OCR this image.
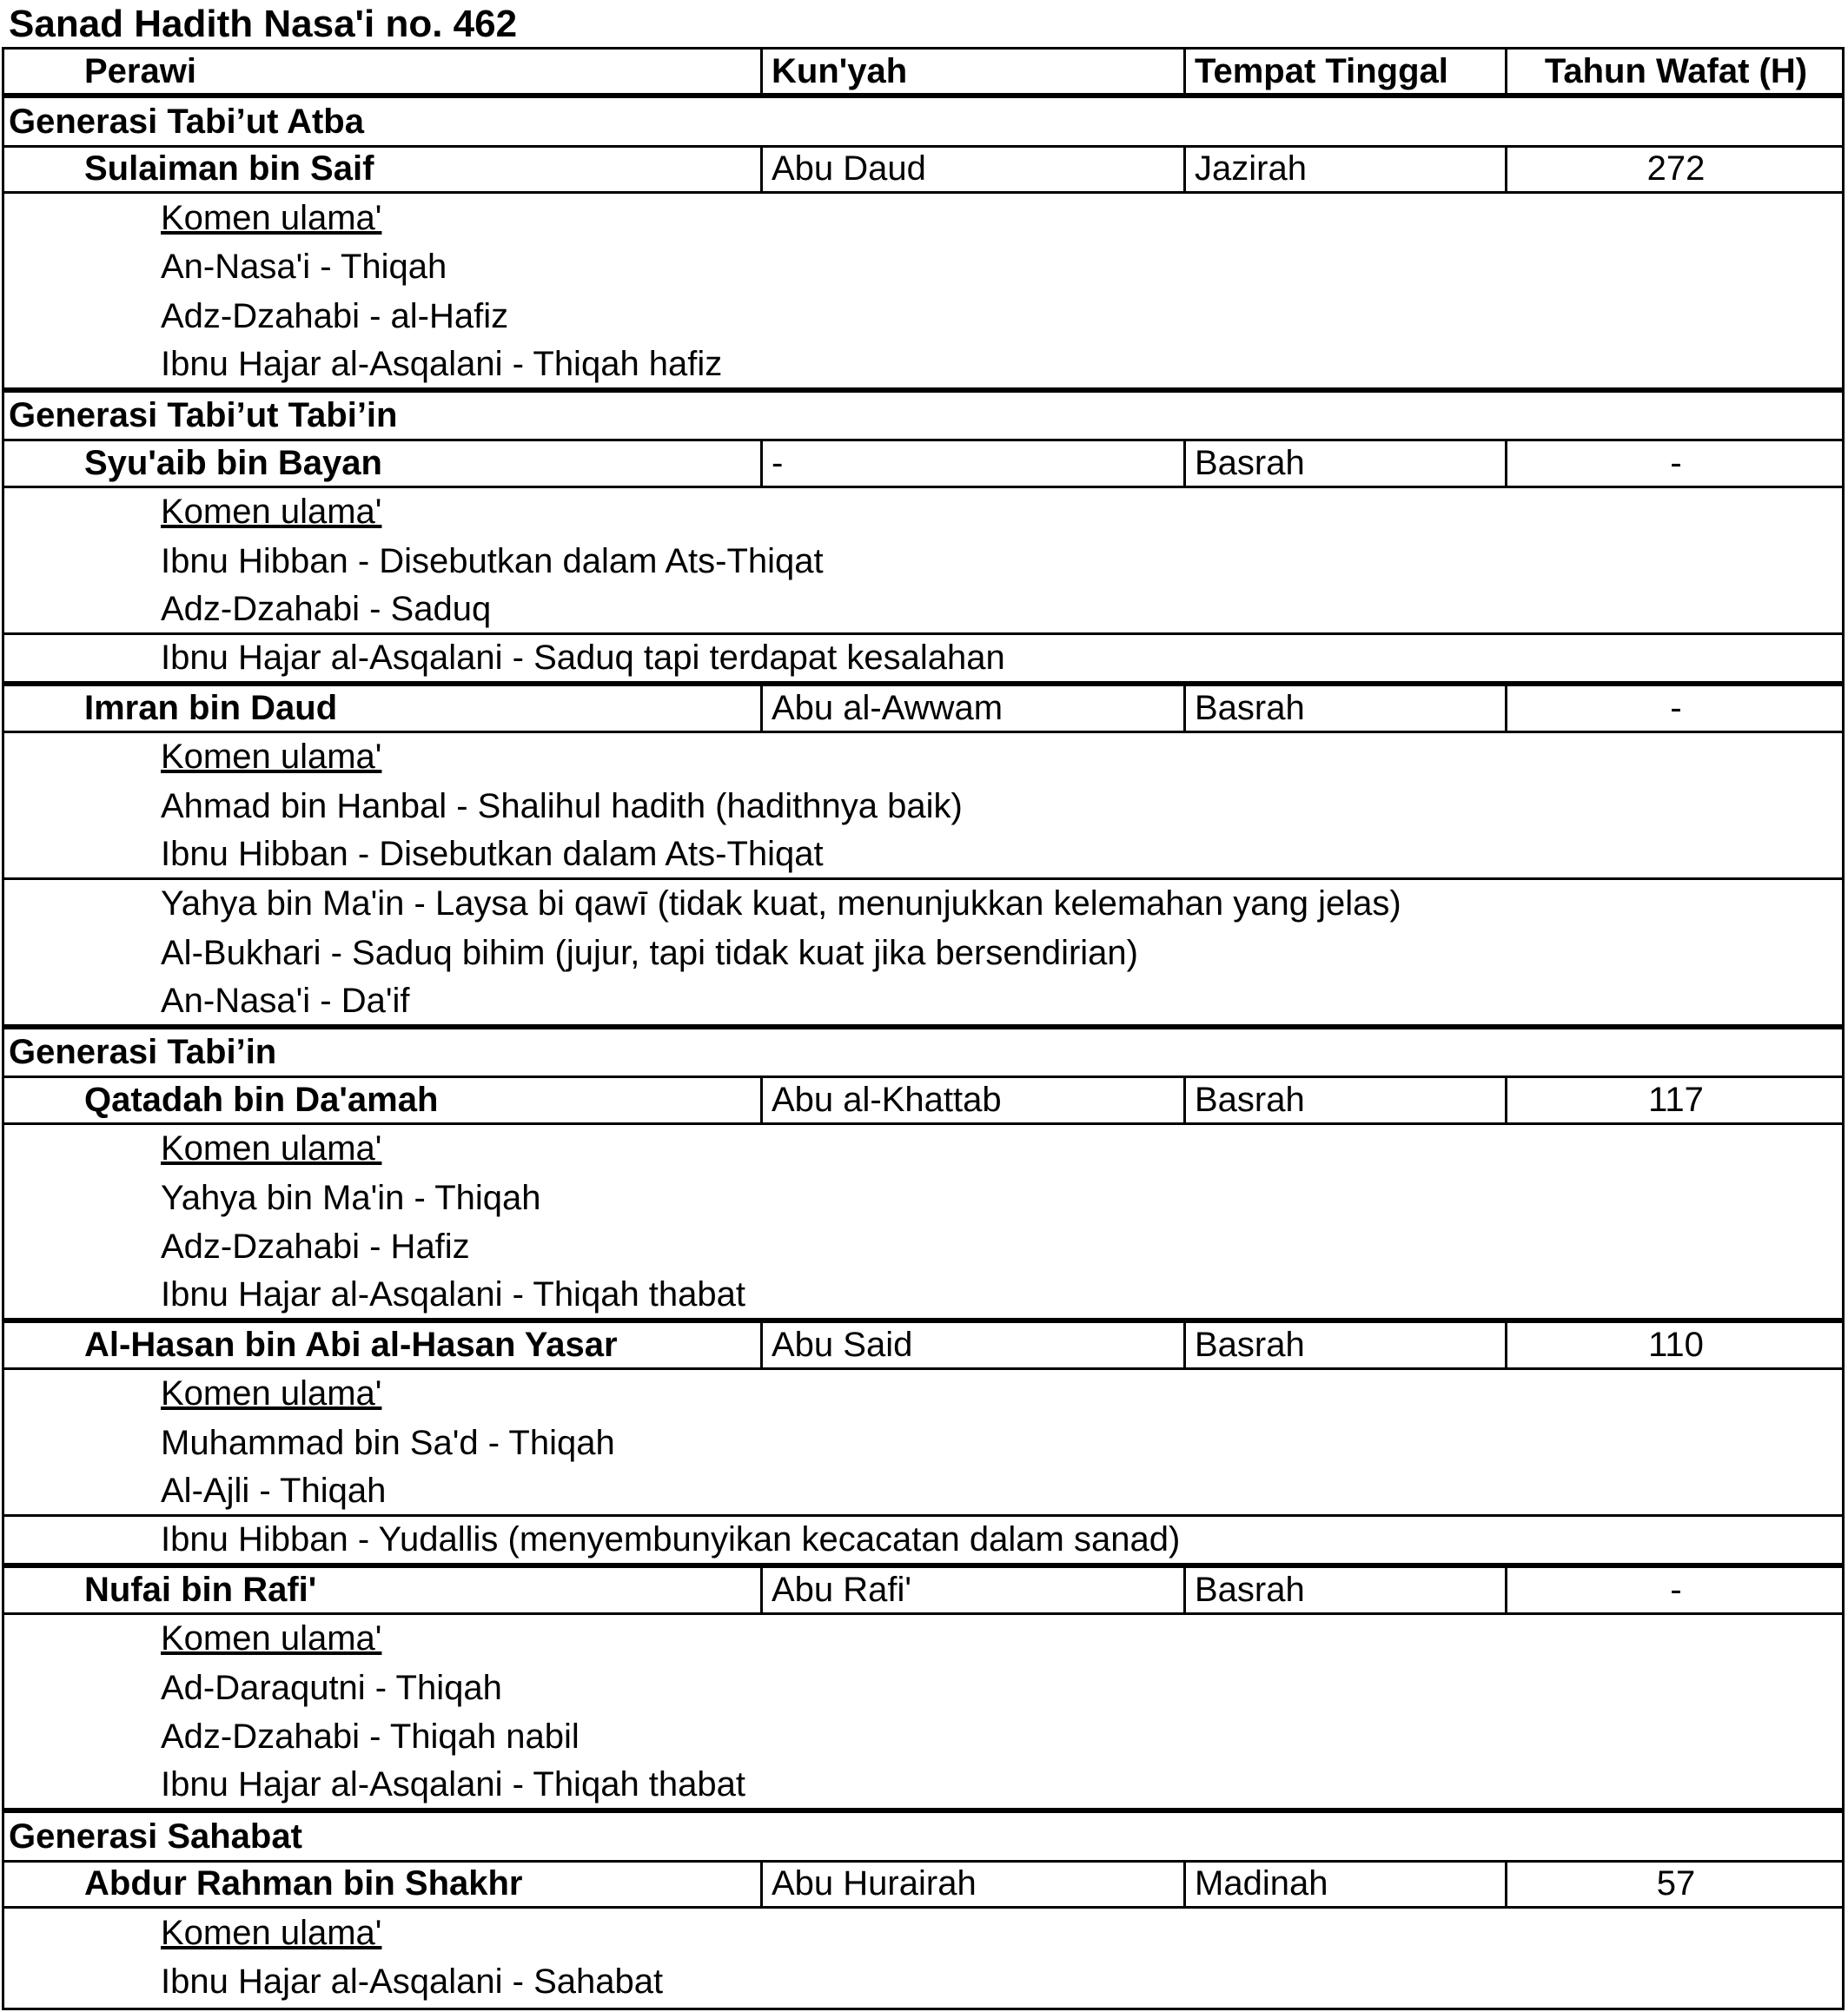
Sanad Hadith Nasa'i no. 462
Perawi	Kun'yah	Tempat Tinggal	Tahun Wafat (H)
Generasi Tabi’ut Atba
Sulaiman bin Saif	Abu Daud	Jazirah	272
Komen ulama'
An-Nasa'i - Thiqah
Adz-Dzahabi - al-Hafiz
Ibnu Hajar al-Asqalani - Thiqah hafiz
Generasi Tabi’ut Tabi’in
Syu'aib bin Bayan	-	Basrah	-
Komen ulama'
Ibnu Hibban - Disebutkan dalam Ats-Thiqat
Adz-Dzahabi - Saduq
Ibnu Hajar al-Asqalani - Saduq tapi terdapat kesalahan
Imran bin Daud	Abu al-Awwam	Basrah	-
Komen ulama'
Ahmad bin Hanbal - Shalihul hadith (hadithnya baik)
Ibnu Hibban - Disebutkan dalam Ats-Thiqat
Yahya bin Ma'in - Laysa bi qawī (tidak kuat, menunjukkan kelemahan yang jelas)
Al-Bukhari - Saduq bihim (jujur, tapi tidak kuat jika bersendirian)
An-Nasa'i - Da'if
Generasi Tabi’in
Qatadah bin Da'amah	Abu al-Khattab	Basrah	117
Komen ulama'
Yahya bin Ma'in - Thiqah
Adz-Dzahabi - Hafiz
Ibnu Hajar al-Asqalani - Thiqah thabat
Al-Hasan bin Abi al-Hasan Yasar	Abu Said	Basrah	110
Komen ulama'
Muhammad bin Sa'd - Thiqah
Al-Ajli - Thiqah
Ibnu Hibban - Yudallis (menyembunyikan kecacatan dalam sanad)
Nufai bin Rafi'	Abu Rafi'	Basrah	-
Komen ulama'
Ad-Daraqutni - Thiqah
Adz-Dzahabi - Thiqah nabil
Ibnu Hajar al-Asqalani - Thiqah thabat
Generasi Sahabat
Abdur Rahman bin Shakhr	Abu Hurairah	Madinah	57
Komen ulama'
Ibnu Hajar al-Asqalani - Sahabat
